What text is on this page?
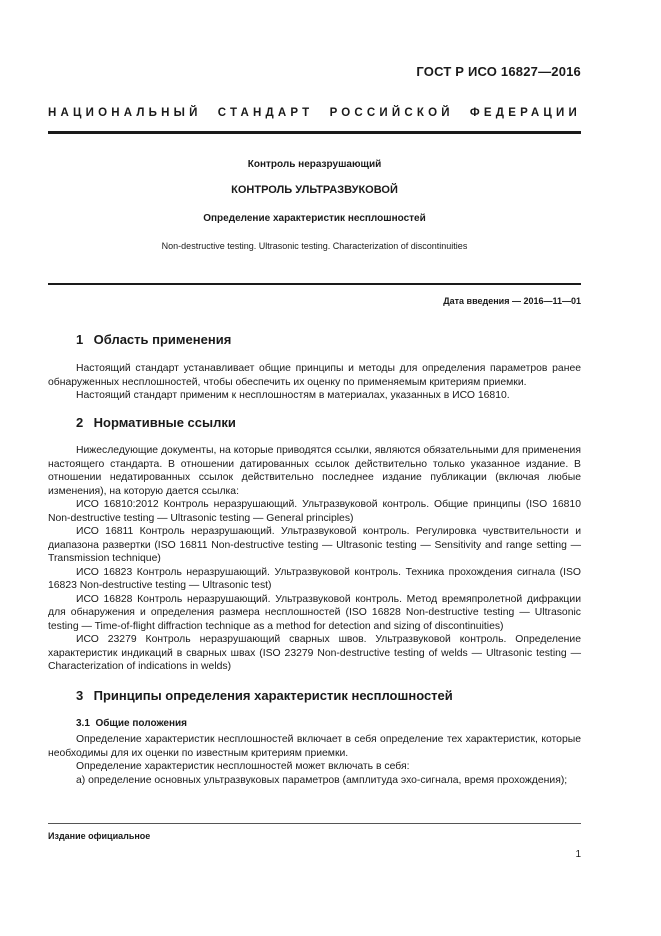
ГОСТ Р ИСО 16827—2016
НАЦИОНАЛЬНЫЙ СТАНДАРТ РОССИЙСКОЙ ФЕДЕРАЦИИ
Контроль неразрушающий
КОНТРОЛЬ УЛЬТРАЗВУКОВОЙ
Определение характеристик несплошностей
Non-destructive testing. Ultrasonic testing. Characterization of discontinuities
Дата введения — 2016—11—01
1 Область применения

Настоящий стандарт устанавливает общие принципы и методы для определения параметров ранее обнаруженных несплошностей, чтобы обеспечить их оценку по применяемым критериям приемки.

Настоящий стандарт применим к несплошностям в материалах, указанных в ИСО 16810.

2 Нормативные ссылки

Нижеследующие документы, на которые приводятся ссылки, являются обязательными для применения настоящего стандарта. В отношении датированных ссылок действительно только указанное издание. В отношении недатированных ссылок действительно последнее издание публикации (включая любые изменения), на которую дается ссылка:

ИСО 16810:2012 Контроль неразрушающий. Ультразвуковой контроль. Общие принципы (ISO 16810 Non-destructive testing — Ultrasonic testing — General principles)

ИСО 16811 Контроль неразрушающий. Ультразвуковой контроль. Регулировка чувствительности и диапазона развертки (ISO 16811 Non-destructive testing — Ultrasonic testing — Sensitivity and range setting — Transmission technique)

ИСО 16823 Контроль неразрушающий. Ультразвуковой контроль. Техника прохождения сигнала (ISO 16823 Non-destructive testing — Ultrasonic test)

ИСО 16828 Контроль неразрушающий. Ультразвуковой контроль. Метод времяпролетной дифракции для обнаружения и определения размера несплошностей (ISO 16828 Non-destructive testing — Ultrasonic testing — Time-of-flight diffraction technique as a method for detection and sizing of discontinuities)

ИСО 23279 Контроль неразрушающий сварных швов. Ультразвуковой контроль. Определение характеристик индикаций в сварных швах (ISO 23279 Non-destructive testing of welds — Ultrasonic testing — Characterization of indications in welds)

3 Принципы определения характеристик несплошностей
3.1 Общие положения

Определение характеристик несплошностей включает в себя определение тех характеристик, которые необходимы для их оценки по известным критериям приемки.

Определение характеристик несплошностей может включать в себя:

а) определение основных ультразвуковых параметров (амплитуда эхо-сигнала, время прохождения);

Издание официальное
1
